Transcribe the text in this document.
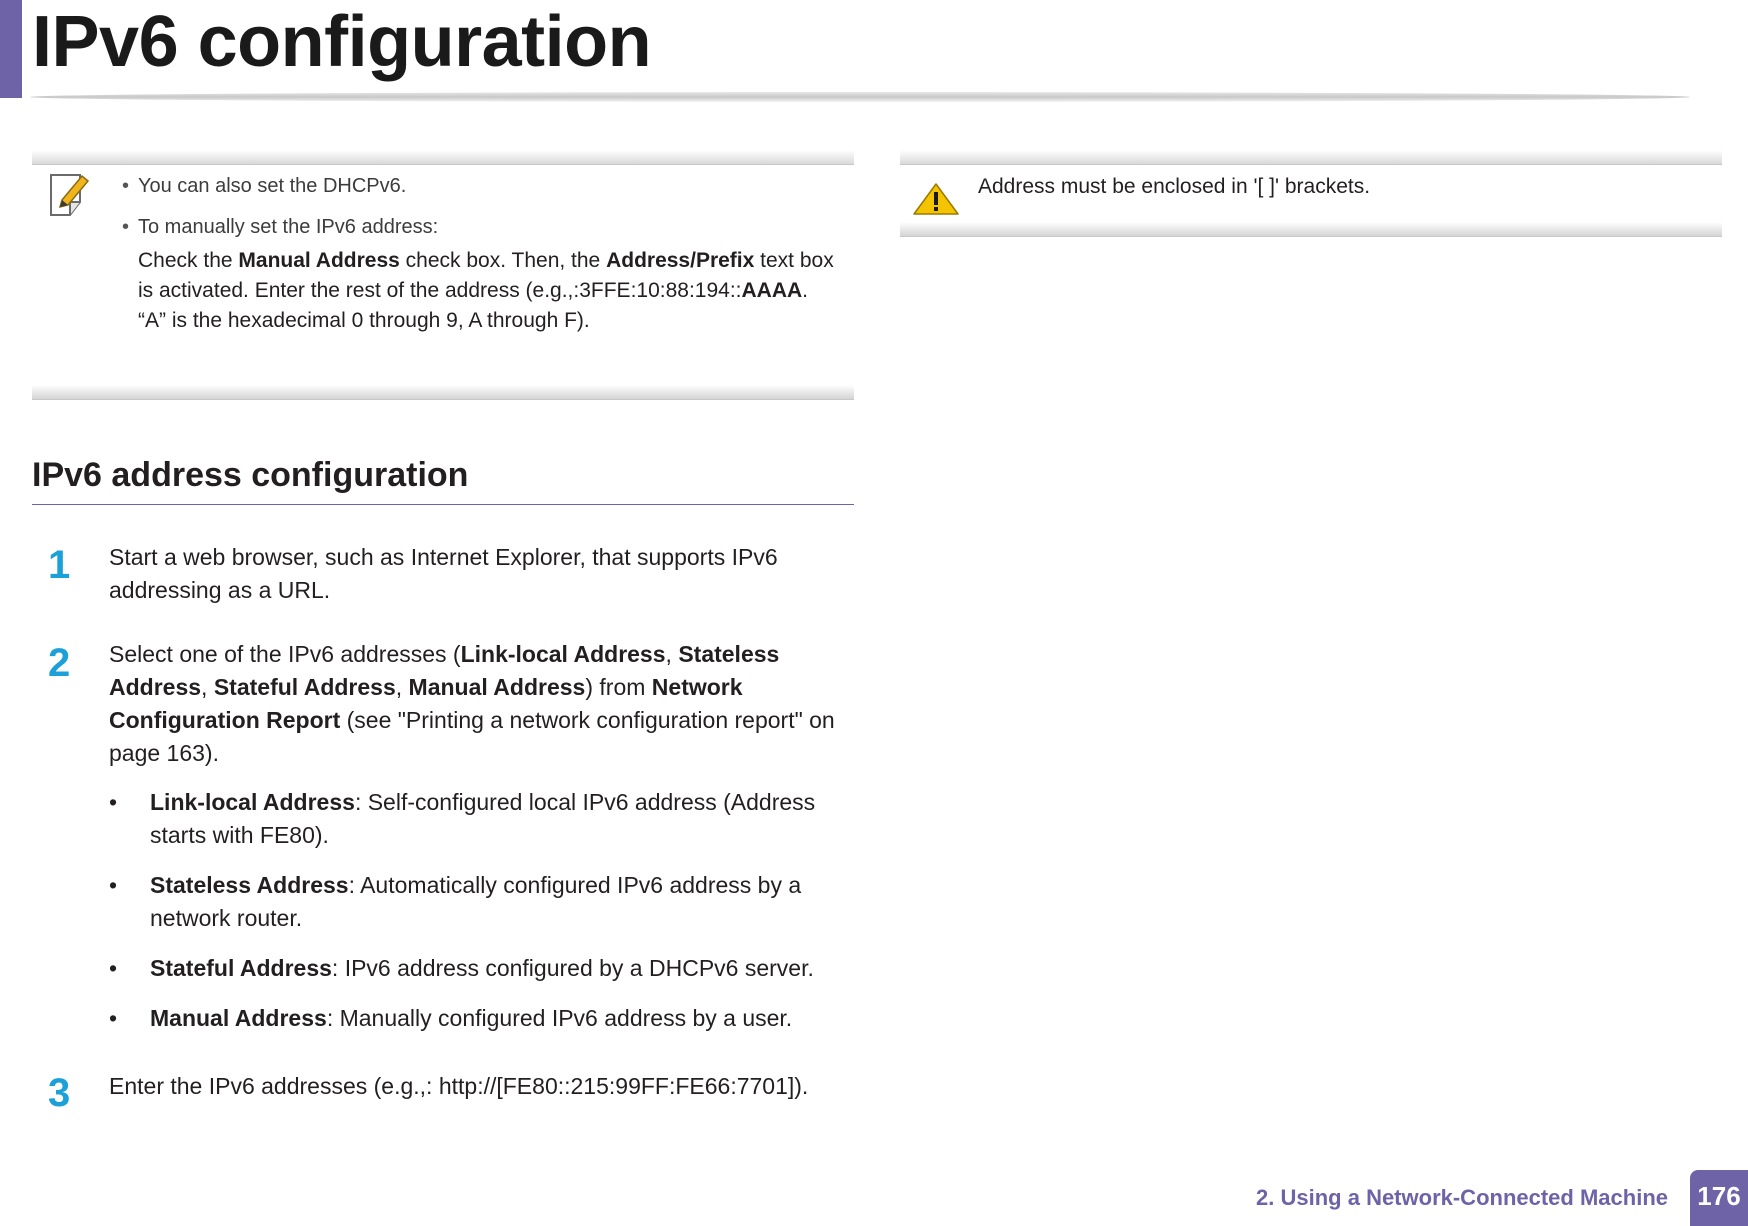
IPv6 configuration
• You can also set the DHCPv6.
• To manually set the IPv6 address:
Check the Manual Address check box. Then, the Address/Prefix text box is activated. Enter the rest of the address (e.g.,:3FFE:10:88:194::AAAA. “A” is the hexadecimal 0 through 9, A through F).
Address must be enclosed in '[ ]' brackets.
IPv6 address configuration
1 Start a web browser, such as Internet Explorer, that supports IPv6 addressing as a URL.
2 Select one of the IPv6 addresses (Link-local Address, Stateless Address, Stateful Address, Manual Address) from Network Configuration Report (see "Printing a network configuration report" on page 163).
• Link-local Address: Self-configured local IPv6 address (Address starts with FE80).
• Stateless Address: Automatically configured IPv6 address by a network router.
• Stateful Address: IPv6 address configured by a DHCPv6 server.
• Manual Address: Manually configured IPv6 address by a user.
3 Enter the IPv6 addresses (e.g.,: http://[FE80::215:99FF:FE66:7701]).
2. Using a Network-Connected Machine 176
